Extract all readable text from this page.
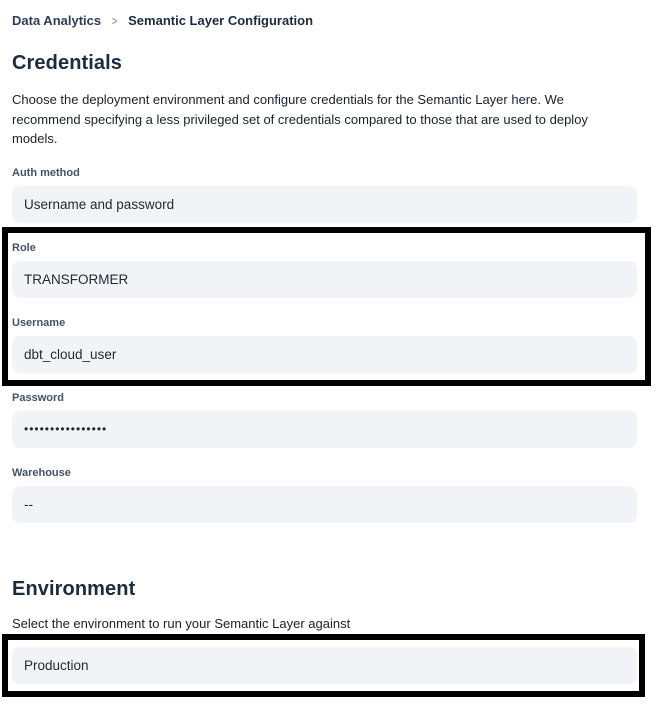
Data Analytics > Semantic Layer Configuration
Credentials

Choose the deployment environment and configure credentials for the Semantic Layer here. We
recommend specifying a less privileged set of credentials compared to those that are used to deploy
models.

Auth method
Username and password
Role
TRANSFORMER
Username
dbt_cloud_user
Password
••••••••••••••••
Warehouse
--
Environment

Select the environment to run your Semantic Layer against

Production
